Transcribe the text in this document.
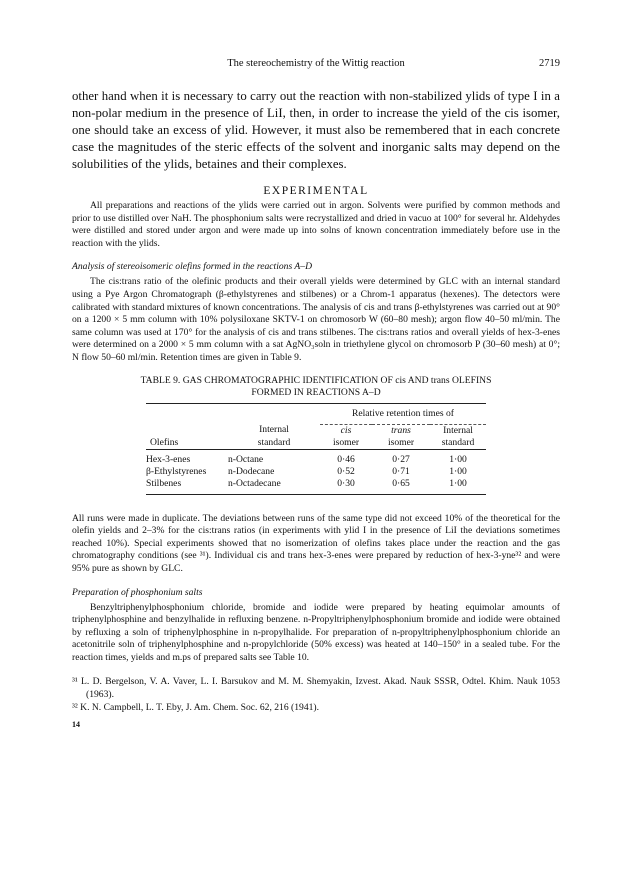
The stereochemistry of the Wittig reaction	2719

other hand when it is necessary to carry out the reaction with non-stabilized ylids of type I in a non-polar medium in the presence of LiI, then, in order to increase the yield of the cis isomer, one should take an excess of ylid. However, it must also be remembered that in each concrete case the magnitudes of the steric effects of the solvent and inorganic salts may depend on the solubilities of the ylids, betaines and their complexes.

EXPERIMENTAL

All preparations and reactions of the ylids were carried out in argon. Solvents were purified by common methods and prior to use distilled over NaH. The phosphonium salts were recrystallized and dried in vacuo at 100° for several hr. Aldehydes were distilled and stored under argon and were made up into solns of known concentration immediately before use in the reaction with the ylids.

Analysis of stereoisomeric olefins formed in the reactions A–D

The cis:trans ratio of the olefinic products and their overall yields were determined by GLC with an internal standard using a Pye Argon Chromatograph (β-ethylstyrenes and stilbenes) or a Chrom-1 apparatus (hexenes). The detectors were calibrated with standard mixtures of known concentrations. The analysis of cis and trans β-ethylstyrenes was carried out at 90° on a 1200 × 5 mm column with 10% polysiloxane SKTV-1 on chromosorb W (60–80 mesh); argon flow 40–50 ml/min. The same column was used at 170° for the analysis of cis and trans stilbenes. The cis:trans ratios and overall yields of hex-3-enes were determined on a 2000 × 5 mm column with a sat AgNO₃soln in triethylene glycol on chromosorb P (30–60 mesh) at 0°; N flow 50–60 ml/min. Retention times are given in Table 9.

TABLE 9. GAS CHROMATOGRAPHIC IDENTIFICATION OF cis AND trans OLEFINS
FORMED IN REACTIONS A–D

		Relative retention times of		

	Internal	cis	trans	Internal
Olefins	standard	isomer	isomer	standard

Hex-3-enes	n-Octane	0·46	0·27	1·00
β-Ethylstyrenes	n-Dodecane	0·52	0·71	1·00
Stilbenes	n-Octadecane	0·30	0·65	1·00

All runs were made in duplicate. The deviations between runs of the same type did not exceed 10% of the theoretical for the olefin yields and 2–3% for the cis:trans ratios (in experiments with ylid I in the presence of LiI the deviations sometimes reached 10%). Special experiments showed that no isomerization of olefins takes place under the reaction and the gas chromatography conditions (see ³¹). Individual cis and trans hex-3-enes were prepared by reduction of hex-3-yne³² and were 95% pure as shown by GLC.

Preparation of phosphonium salts

Benzyltriphenylphosphonium chloride, bromide and iodide were prepared by heating equimolar amounts of triphenylphosphine and benzylhalide in refluxing benzene. n-Propyltriphenylphosphonium bromide and iodide were obtained by refluxing a soln of triphenylphosphine in n-propylhalide. For preparation of n-propyltriphenylphosphonium chloride an acetonitrile soln of triphenylphosphine and n-propylchloride (50% excess) was heated at 140–150° in a sealed tube. For the reaction times, yields and m.ps of prepared salts see Table 10.

³¹ L. D. Bergelson, V. A. Vaver, L. I. Barsukov and M. M. Shemyakin, Izvest. Akad. Nauk SSSR, Odtel. Khim. Nauk 1053 (1963).

³² K. N. Campbell, L. T. Eby, J. Am. Chem. Soc. 62, 216 (1941).

14
